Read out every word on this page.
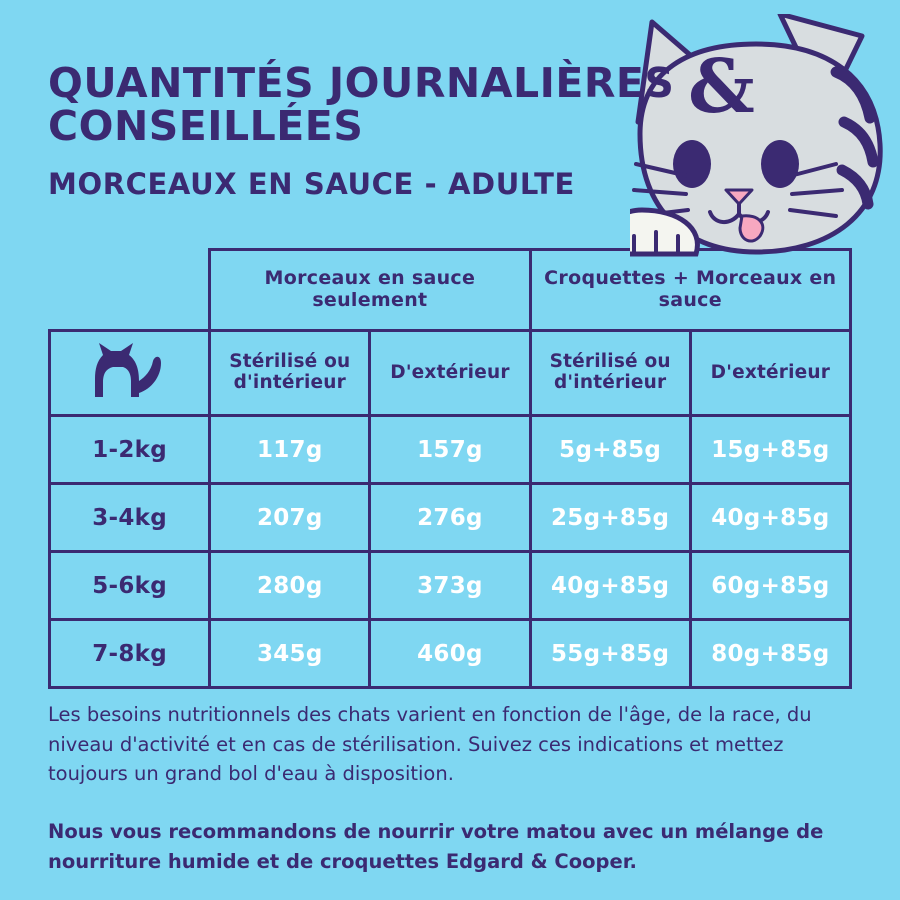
QUANTITÉS JOURNALIÈRES CONSEILLÉES
MORCEAUX EN SAUCE - ADULTE
&
	Morceaux en sauce seulement		Croquettes + Morceaux en sauce	
	Stérilisé ou d'intérieur	D'extérieur	Stérilisé ou d'intérieur	D'extérieur
1-2kg	117g	157g	5g+85g	15g+85g
3-4kg	207g	276g	25g+85g	40g+85g
5-6kg	280g	373g	40g+85g	60g+85g
7-8kg	345g	460g	55g+85g	80g+85g

Les besoins nutritionnels des chats varient en fonction de l'âge, de la race, du niveau d'activité et en cas de stérilisation. Suivez ces indications et mettez toujours un grand bol d'eau à disposition.

Nous vous recommandons de nourrir votre matou avec un mélange de nourriture humide et de croquettes Edgard & Cooper.
